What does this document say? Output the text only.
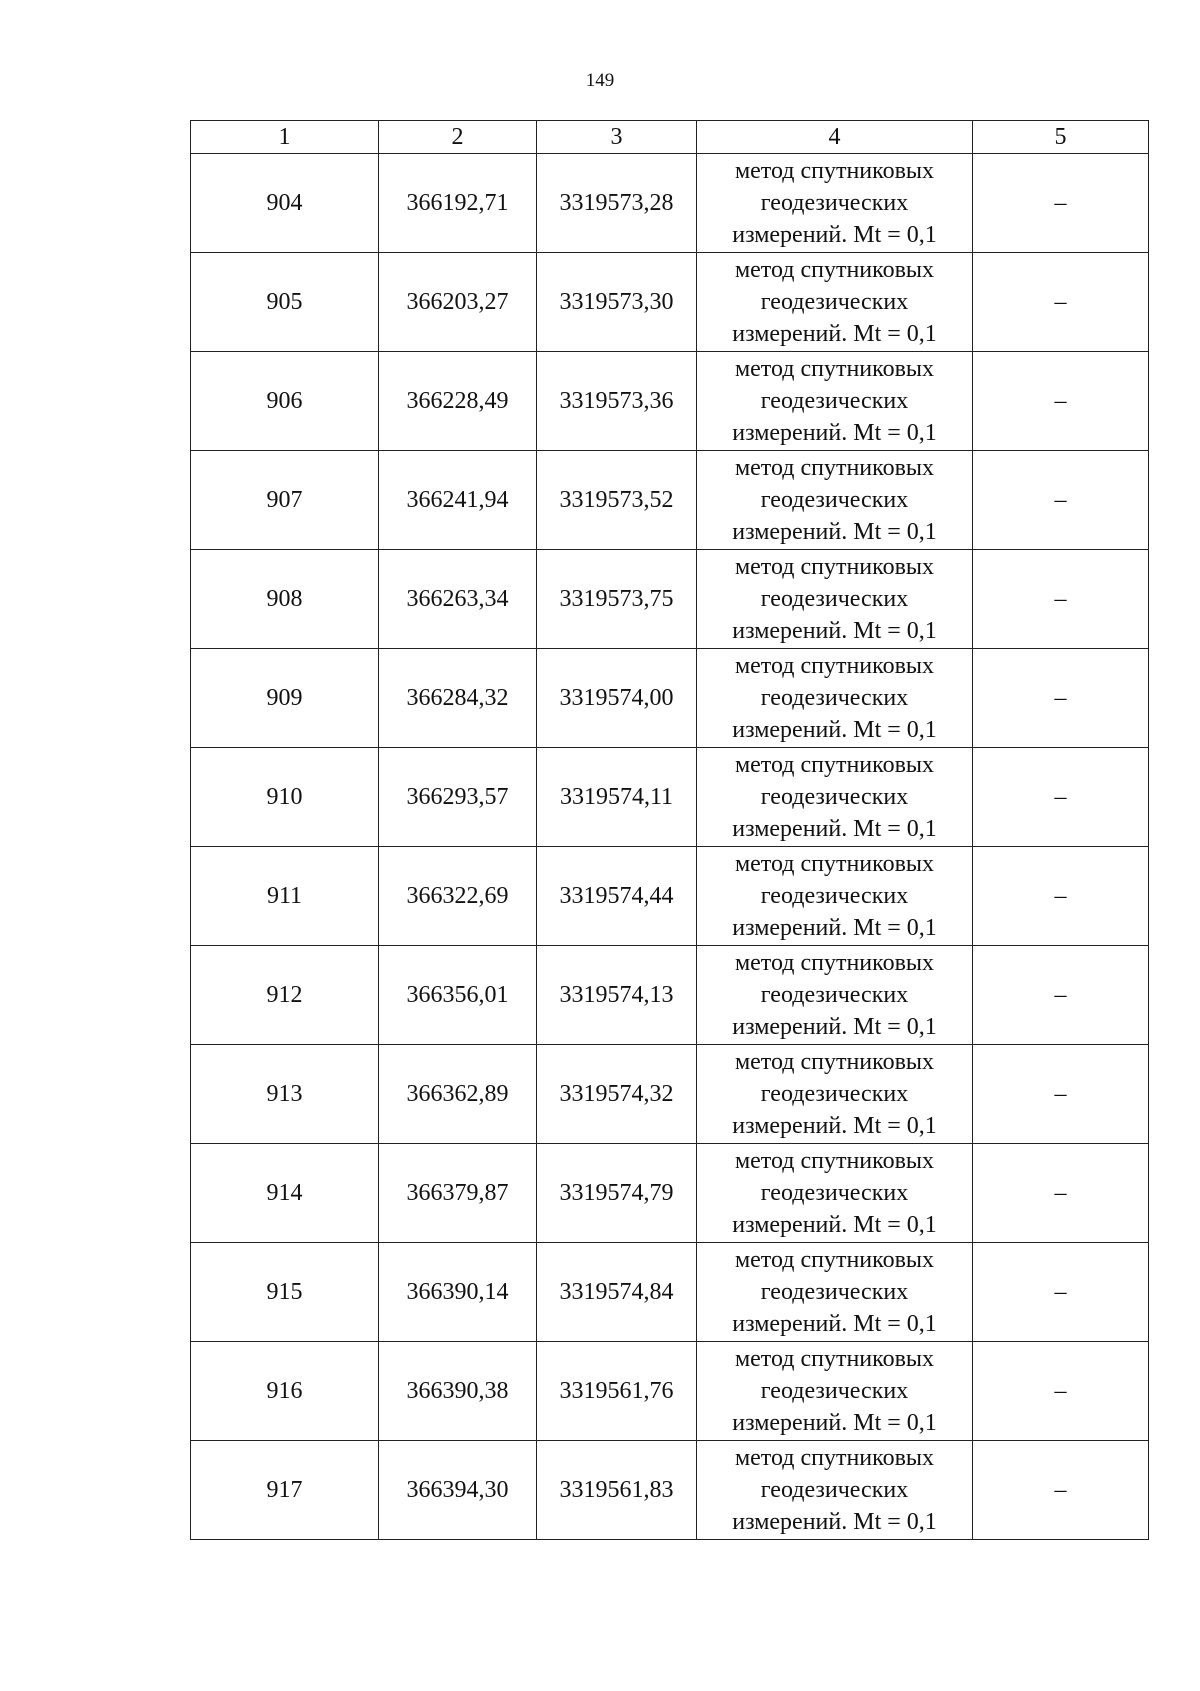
149
1	2	3	4	5
904	366192,71	3319573,28	метод спутниковых
геодезических
измерений. Mt = 0,1	–
905	366203,27	3319573,30	метод спутниковых
геодезических
измерений. Mt = 0,1	–
906	366228,49	3319573,36	метод спутниковых
геодезических
измерений. Mt = 0,1	–
907	366241,94	3319573,52	метод спутниковых
геодезических
измерений. Mt = 0,1	–
908	366263,34	3319573,75	метод спутниковых
геодезических
измерений. Mt = 0,1	–
909	366284,32	3319574,00	метод спутниковых
геодезических
измерений. Mt = 0,1	–
910	366293,57	3319574,11	метод спутниковых
геодезических
измерений. Mt = 0,1	–
911	366322,69	3319574,44	метод спутниковых
геодезических
измерений. Mt = 0,1	–
912	366356,01	3319574,13	метод спутниковых
геодезических
измерений. Mt = 0,1	–
913	366362,89	3319574,32	метод спутниковых
геодезических
измерений. Mt = 0,1	–
914	366379,87	3319574,79	метод спутниковых
геодезических
измерений. Mt = 0,1	–
915	366390,14	3319574,84	метод спутниковых
геодезических
измерений. Mt = 0,1	–
916	366390,38	3319561,76	метод спутниковых
геодезических
измерений. Mt = 0,1	–
917	366394,30	3319561,83	метод спутниковых
геодезических
измерений. Mt = 0,1	–
